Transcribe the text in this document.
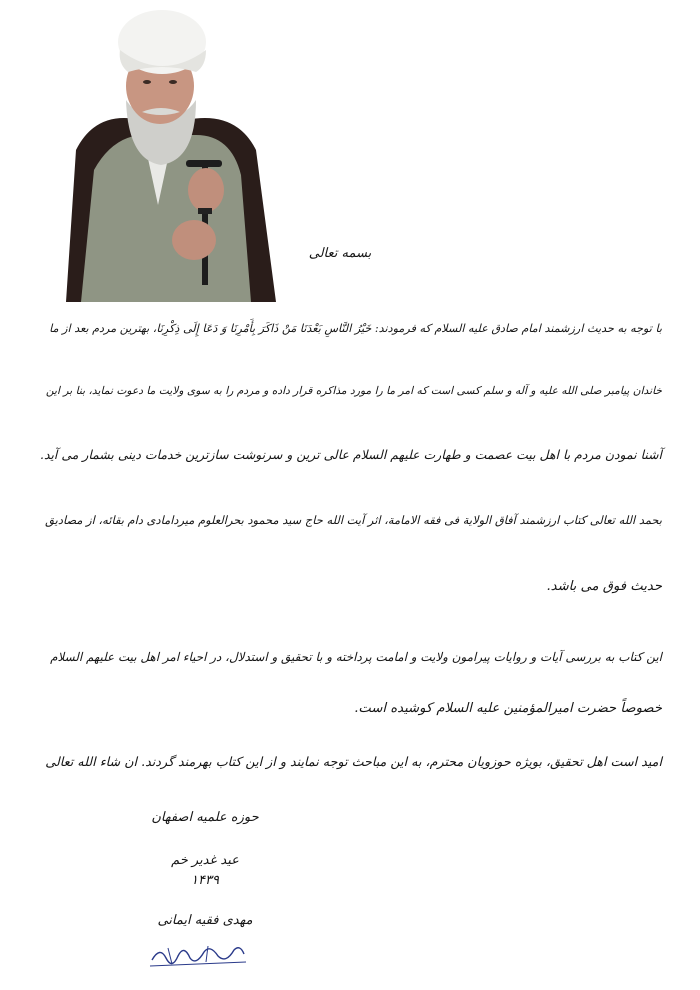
بسمه تعالی
با توجه به حدیث ارزشمند امام صادق علیه السلام که فرمودند: خَیْرُ النَّاسِ بَعْدَنَا مَنْ ذَاکَرَ بِأَمْرِنَا وَ دَعَا إِلَی ذِکْرِنَا، بهترین مردم بعد از ما
خاندان پیامبر صلی الله علیه و آله و سلم کسی است که امر ما را مورد مذاکره قرار داده و مردم را به سوی ولایت ما دعوت نماید، بنا بر این
آشنا نمودن مردم با اهل بیت عصمت و طهارت علیهم السلام عالی ترین و سرنوشت سازترین خدمات دینی بشمار می آید.
بحمد الله تعالی کتاب ارزشمند آفاق الولایة فی فقه الامامة، اثر آیت الله حاج سید محمود بحرالعلوم میردامادی دام بقائه، از مصادیق
حدیث فوق می باشد.
این کتاب به بررسی آیات و روایات پیرامون ولایت و امامت پرداخته و با تحقیق و استدلال، در احیاء امر اهل بیت علیهم السلام
خصوصاً حضرت امیرالمؤمنین علیه السلام کوشیده است.
امید است اهل تحقیق، بویژه حوزویان محترم، به این مباحث توجه نمایند و از این کتاب بهرمند گردند. ان شاء الله تعالی
حوزه علمیه اصفهان
عید غدیر خم
۱۴۳۹
مهدی فقیه ایمانی
